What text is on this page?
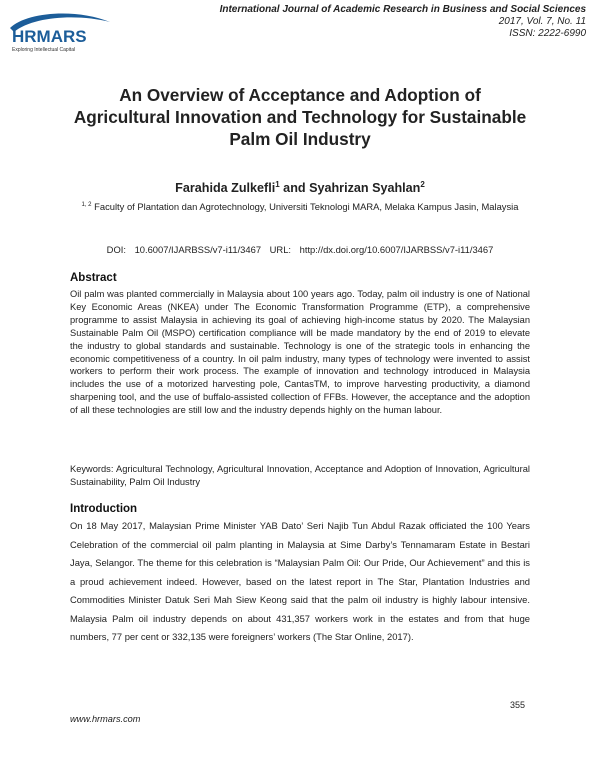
HRMARS
Exploring Intellectual Capital
International Journal of Academic Research in Business and Social Sciences
2017, Vol. 7, No. 11
ISSN: 2222-6990
An Overview of Acceptance and Adoption of
Agricultural Innovation and Technology for Sustainable
Palm Oil Industry
Farahida Zulkefli$^1$ and Syahrizan Syahlan$^2$
$^{1, 2}$ Faculty of Plantation dan Agrotechnology, Universiti Teknologi MARA, Melaka Kampus Jasin, Malaysia
DOI: 10.6007/IJARBSS/v7-i11/3467 URL: http://dx.doi.org/10.6007/IJARBSS/v7-i11/3467
Abstract

Oil palm was planted commercially in Malaysia about 100 years ago. Today, palm oil industry is one of National Key Economic Areas (NKEA) under The Economic Transformation Programme (ETP), a comprehensive programme to assist Malaysia in achieving its goal of achieving high-income status by 2020. The Malaysian Sustainable Palm Oil (MSPO) certification compliance will be made mandatory by the end of 2019 to elevate the industry to global standards and sustainable. Technology is one of the strategic tools in enhancing the economic competitiveness of a country. In oil palm industry, many types of technology were invented to assist workers to perform their work process. The example of innovation and technology introduced in Malaysia includes the use of a motorized harvesting pole, CantasTM, to improve harvesting productivity, a diamond sharpening tool, and the use of buffalo-assisted collection of FFBs. However, the acceptance and the adoption of all these technologies are still low and the industry depends highly on the human labour.

Keywords: Agricultural Technology, Agricultural Innovation, Acceptance and Adoption of Innovation, Agricultural Sustainability, Palm Oil Industry

Introduction

On 18 May 2017, Malaysian Prime Minister YAB Dato’ Seri Najib Tun Abdul Razak officiated the 100 Years Celebration of the commercial oil palm planting in Malaysia at Sime Darby’s Tennamaram Estate in Bestari Jaya, Selangor. The theme for this celebration is “Malaysian Palm Oil: Our Pride, Our Achievement” and this is a proud achievement indeed. However, based on the latest report in The Star, Plantation Industries and Commodities Minister Datuk Seri Mah Siew Keong said that the palm oil industry is highly labour intensive. Malaysia Palm oil industry depends on about 431,357 workers work in the estates and from that huge numbers, 77 per cent or 332,135 were foreigners’ workers (The Star Online, 2017).

355
www.hrmars.com
